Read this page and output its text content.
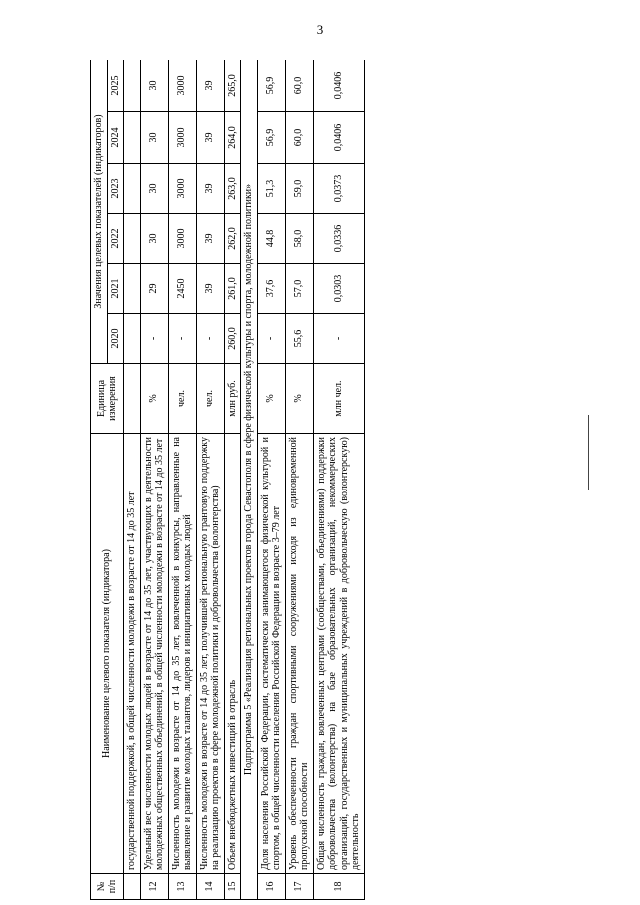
3
№ п/п	Наименование целевого показателя (индикатора)	Единица измерения	Значения целевых показателей (индикаторов)					
			2020	2021	2022	2023	2024	2025
	государственной поддержкой, в общей численности молодежи в возрасте от 14 до 35 лет							
12	Удельный вес численности молодых людей в возрасте от 14 до 35 лет, участвующих в деятельности молодежных общественных объединений, в общей численности молодежи в возрасте от 14 до 35 лет	%	-	29	30	30	30	30
13	Численность молодежи в возрасте от 14 до 35 лет, вовлеченной в конкурсы, направленные на выявление и развитие молодых талантов, лидеров и инициативных молодых людей	чел.	-	2450	3000	3000	3000	3000
14	Численность молодежи в возрасте от 14 до 35 лет, получившей региональную грантовую поддержку на реализацию проектов в сфере молодежной политики и добровольчества (волонтерства)	чел.	-	39	39	39	39	39
15	Объем внебюджетных инвестиций в отрасль	млн руб.	260,0	261,0	262,0	263,0	264,0	265,0
Подпрограмма 5 «Реализация региональных проектов города Севастополя в сфере физической культуры и спорта, молодежной политики»								
16	Доля населения Российской Федерации, систематически занимающегося физической культурой и спортом, в общей численности населения Российской Федерации в возрасте 3–79 лет	%	-	37,6	44,8	51,3	56,9	56,9
17	Уровень обеспеченности граждан спортивными сооружениями исходя из единовременной пропускной способности	%	55,6	57,0	58,0	59,0	60,0	60,0
18	Общая численность граждан, вовлеченных центрами (сообществами, объединениями) поддержки добровольчества (волонтерства) на базе образовательных организаций, некоммерческих организаций, государственных и муниципальных учреждений в добровольческую (волонтерскую) деятельность	млн чел.	-	0,0303	0,0336	0,0373	0,0406	0,0406
